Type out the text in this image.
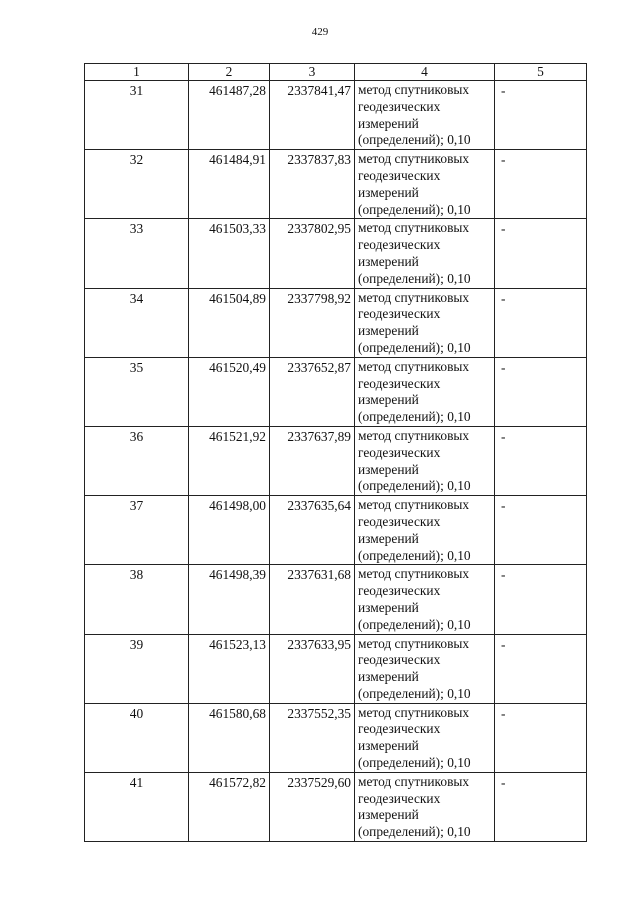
429
1	2	3	4	5
31	461487,28	2337841,47	метод спутниковых
геодезических
измерений
(определений); 0,10	-
32	461484,91	2337837,83	метод спутниковых
геодезических
измерений
(определений); 0,10	-
33	461503,33	2337802,95	метод спутниковых
геодезических
измерений
(определений); 0,10	-
34	461504,89	2337798,92	метод спутниковых
геодезических
измерений
(определений); 0,10	-
35	461520,49	2337652,87	метод спутниковых
геодезических
измерений
(определений); 0,10	-
36	461521,92	2337637,89	метод спутниковых
геодезических
измерений
(определений); 0,10	-
37	461498,00	2337635,64	метод спутниковых
геодезических
измерений
(определений); 0,10	-
38	461498,39	2337631,68	метод спутниковых
геодезических
измерений
(определений); 0,10	-
39	461523,13	2337633,95	метод спутниковых
геодезических
измерений
(определений); 0,10	-
40	461580,68	2337552,35	метод спутниковых
геодезических
измерений
(определений); 0,10	-
41	461572,82	2337529,60	метод спутниковых
геодезических
измерений
(определений); 0,10	-
